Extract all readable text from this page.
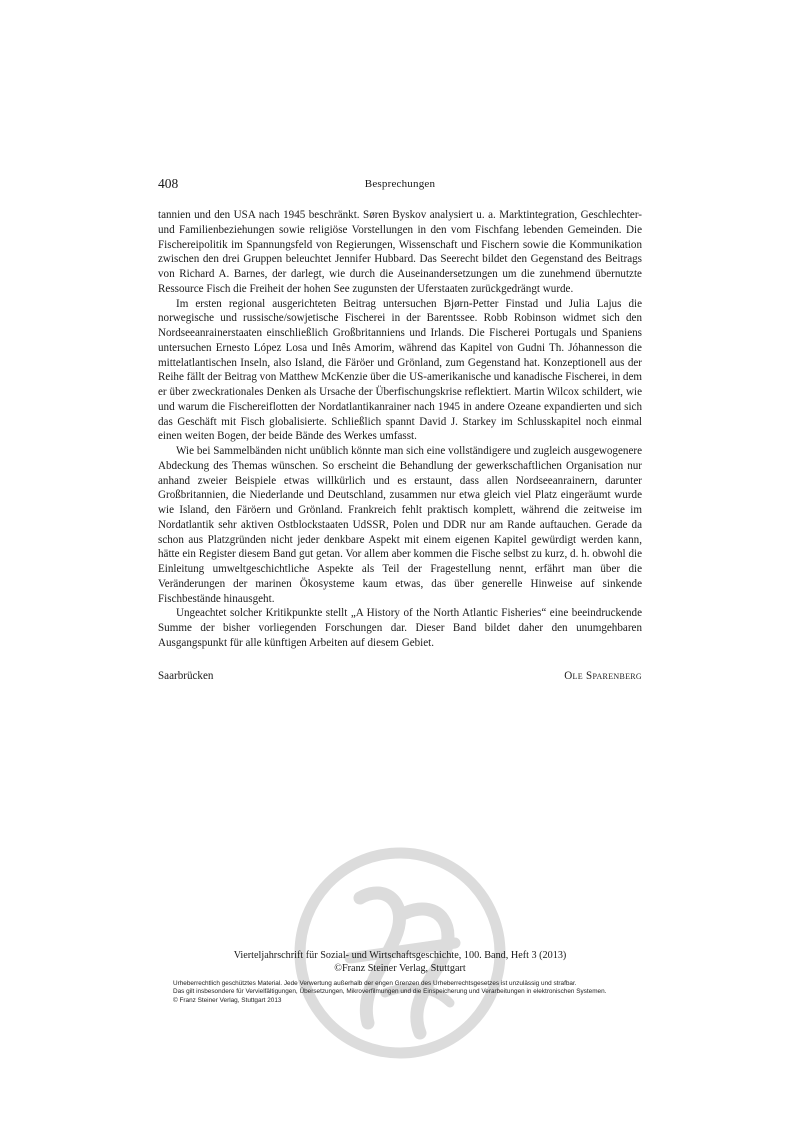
408	Besprechungen

tannien und den USA nach 1945 beschränkt. Søren Byskov analysiert u. a. Marktintegration, Geschlechter- und Familienbeziehungen sowie religiöse Vorstellungen in den vom Fischfang lebenden Gemeinden. Die Fischereipolitik im Spannungsfeld von Regierungen, Wissenschaft und Fischern sowie die Kommunikation zwischen den drei Gruppen beleuchtet Jennifer Hubbard. Das Seerecht bildet den Gegenstand des Beitrags von Richard A. Barnes, der darlegt, wie durch die Auseinandersetzungen um die zunehmend übernutzte Ressource Fisch die Freiheit der hohen See zugunsten der Uferstaaten zurückgedrängt wurde.

Im ersten regional ausgerichteten Beitrag untersuchen Bjørn-Petter Finstad und Julia Lajus die norwegische und russische/sowjetische Fischerei in der Barentssee. Robb Robinson widmet sich den Nordseeanrainerstaaten einschließlich Großbritanniens und Irlands. Die Fischerei Portugals und Spaniens untersuchen Ernesto López Losa und Inês Amorim, während das Kapitel von Gudni Th. Jóhannesson die mittelatlantischen Inseln, also Island, die Färöer und Grönland, zum Gegenstand hat. Konzeptionell aus der Reihe fällt der Beitrag von Matthew McKenzie über die US-amerikanische und kanadische Fischerei, in dem er über zweckrationales Denken als Ursache der Überfischungskrise reflektiert. Martin Wilcox schildert, wie und warum die Fischereiflotten der Nordatlantikanrainer nach 1945 in andere Ozeane expandierten und sich das Geschäft mit Fisch globalisierte. Schließlich spannt David J. Starkey im Schlusskapitel noch einmal einen weiten Bogen, der beide Bände des Werkes umfasst.

Wie bei Sammelbänden nicht unüblich könnte man sich eine vollständigere und zugleich ausgewogenere Abdeckung des Themas wünschen. So erscheint die Behandlung der gewerkschaftlichen Organisation nur anhand zweier Beispiele etwas willkürlich und es erstaunt, dass allen Nordseeanrainern, darunter Großbritannien, die Niederlande und Deutschland, zusammen nur etwa gleich viel Platz eingeräumt wurde wie Island, den Färöern und Grönland. Frankreich fehlt praktisch komplett, während die zeitweise im Nordatlantik sehr aktiven Ostblockstaaten UdSSR, Polen und DDR nur am Rande auftauchen. Gerade da schon aus Platzgründen nicht jeder denkbare Aspekt mit einem eigenen Kapitel gewürdigt werden kann, hätte ein Register diesem Band gut getan. Vor allem aber kommen die Fische selbst zu kurz, d. h. obwohl die Einleitung umweltgeschichtliche Aspekte als Teil der Fragestellung nennt, erfährt man über die Veränderungen der marinen Ökosysteme kaum etwas, das über generelle Hinweise auf sinkende Fischbestände hinausgeht.

Ungeachtet solcher Kritikpunkte stellt „A History of the North Atlantic Fisheries“ eine beeindruckende Summe der bisher vorliegenden Forschungen dar. Dieser Band bildet daher den unumgehbaren Ausgangspunkt für alle künftigen Arbeiten auf diesem Gebiet.

Saarbrücken	Ole Sparenberg
Vierteljahrschrift für Sozial- und Wirtschaftsgeschichte, 100. Band, Heft 3 (2013)
©Franz Steiner Verlag, Stuttgart
Urheberrechtlich geschütztes Material. Jede Verwertung außerhalb der engen Grenzen des Urheberrechtsgesetzes ist unzulässig und strafbar.
Das gilt insbesondere für Vervielfältigungen, Übersetzungen, Mikroverfilmungen und die Einspeicherung und Verarbeitungen in elektronischen Systemen.
© Franz Steiner Verlag, Stuttgart 2013
